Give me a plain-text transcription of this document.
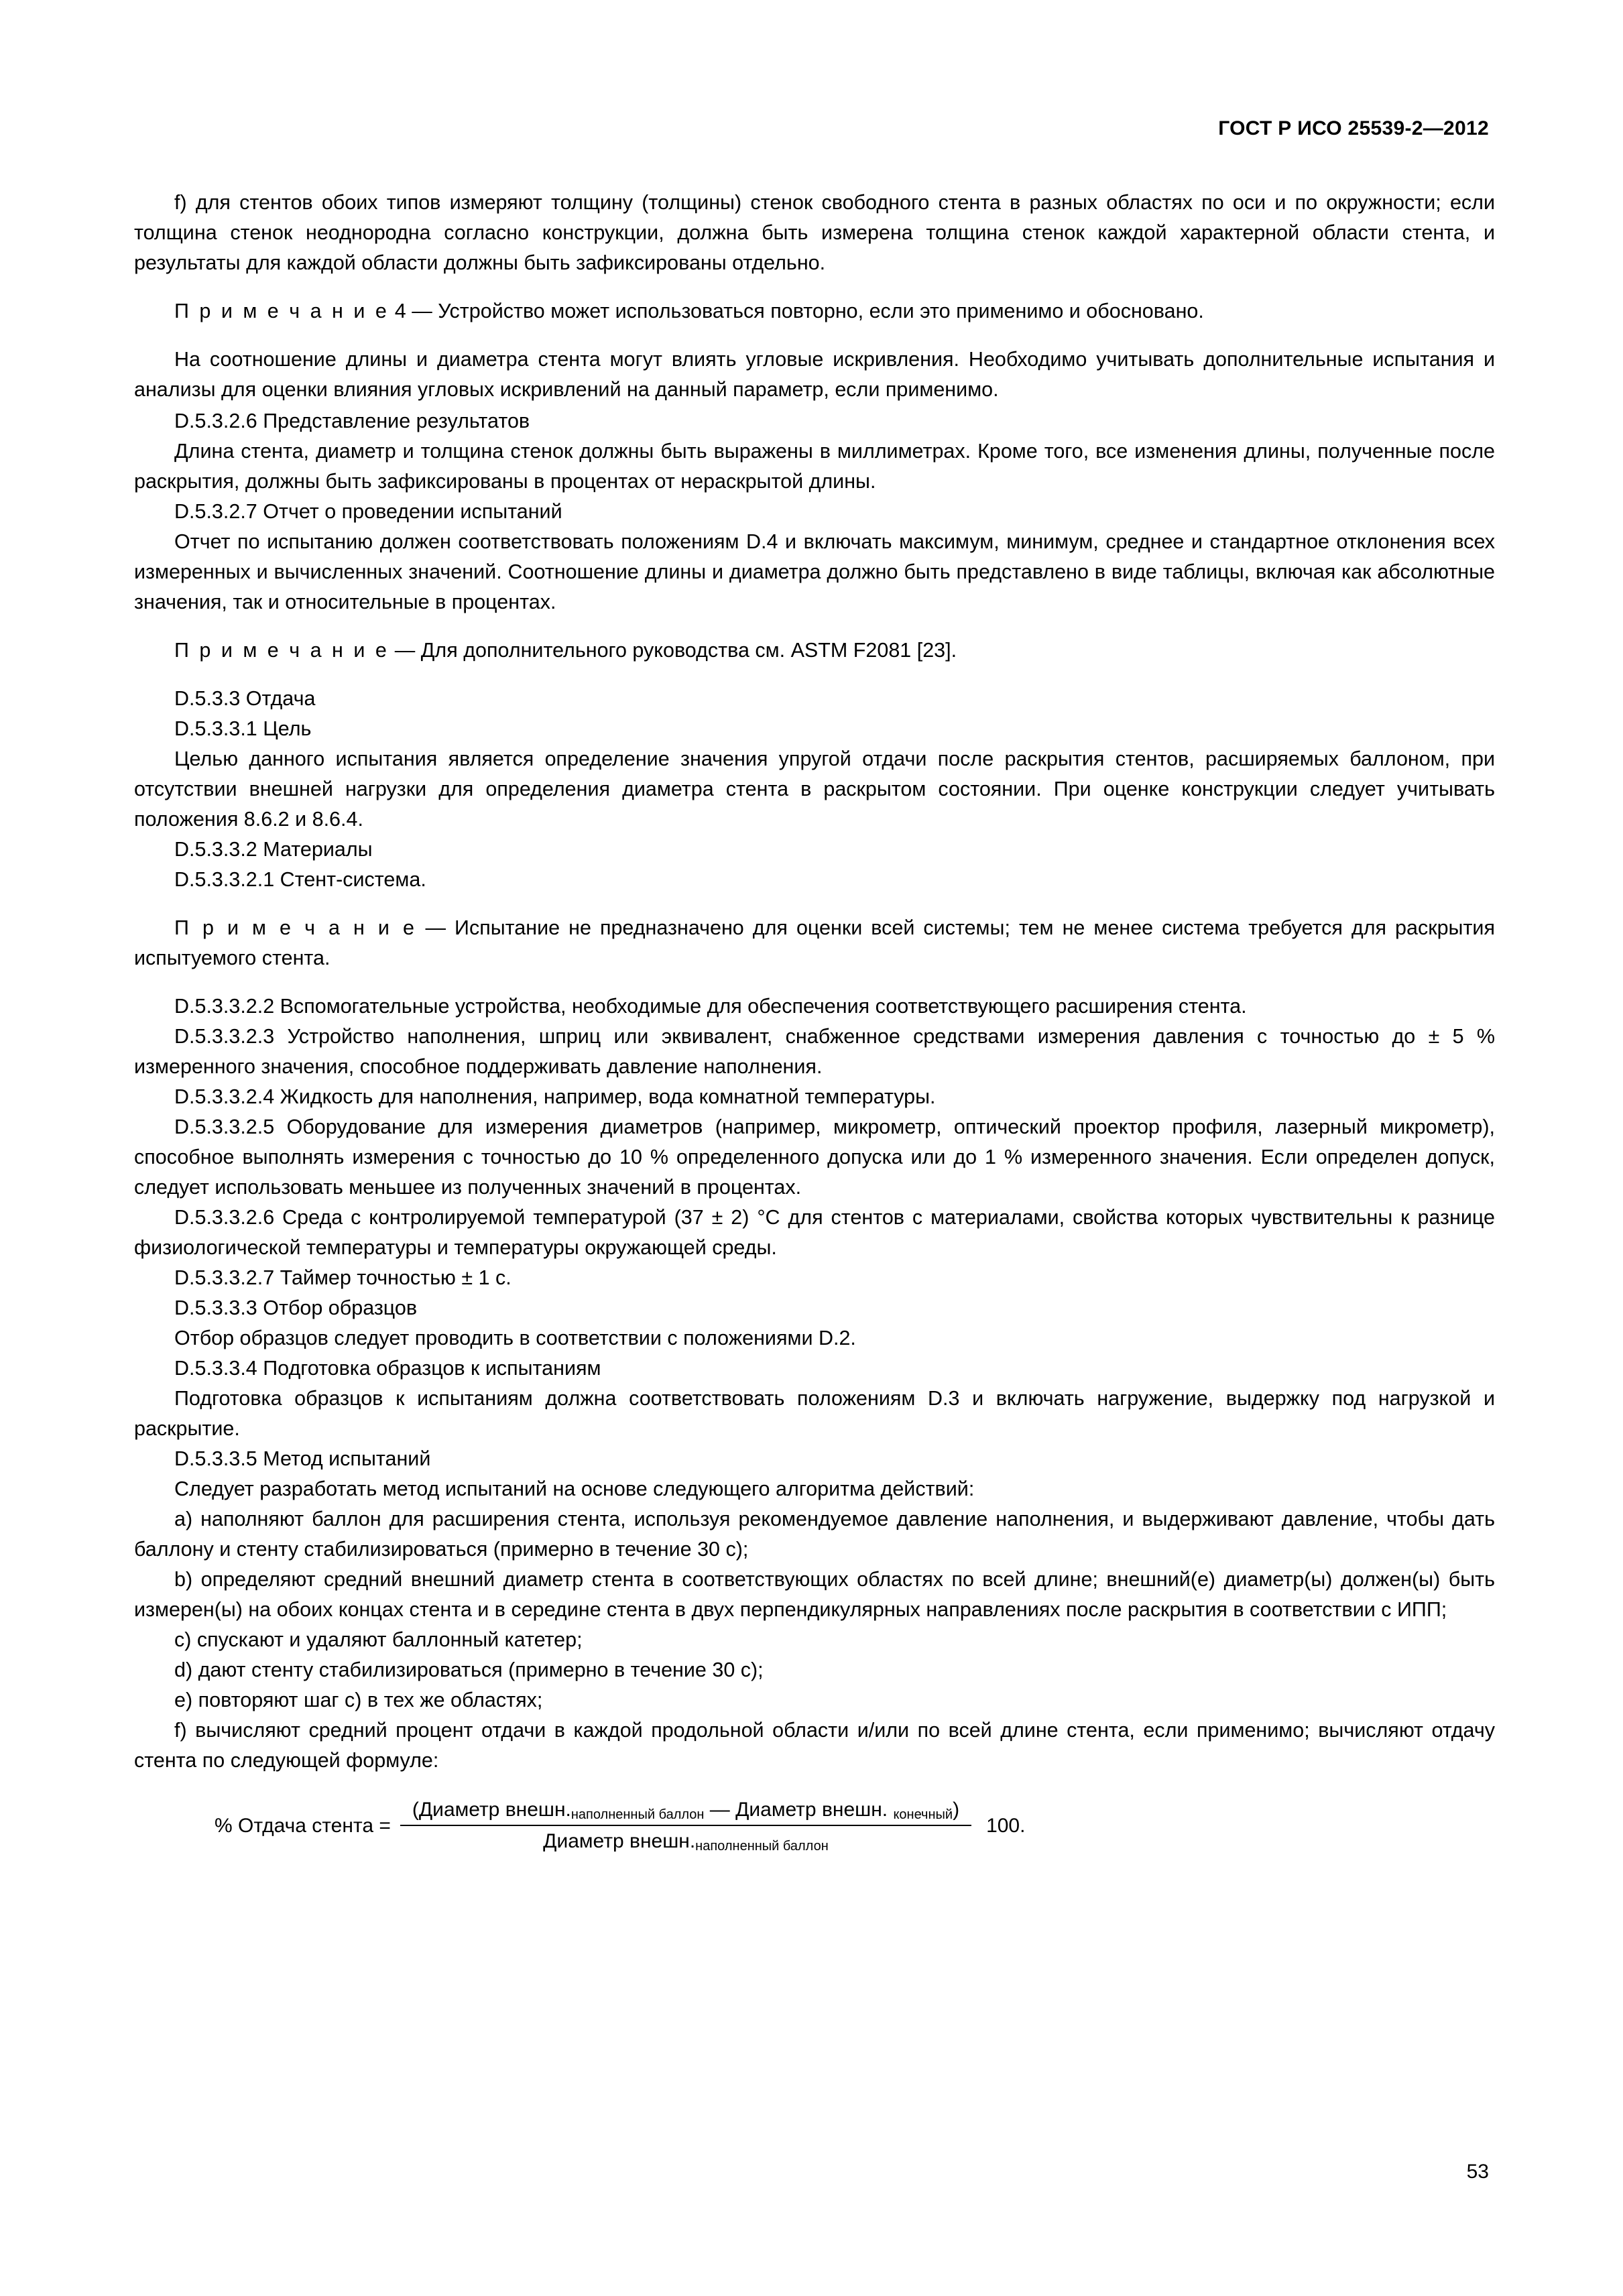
ГОСТ Р ИСО 25539-2—2012

f) для стентов обоих типов измеряют толщину (толщины) стенок свободного стента в разных областях по оси и по окружности; если толщина стенок неоднородна согласно конструкции, должна быть измерена толщина стенок каждой характерной области стента, и результаты для каждой области должны быть зафиксированы отдельно.

П р и м е ч а н и е 4 — Устройство может использоваться повторно, если это применимо и обосновано.

На соотношение длины и диаметра стента могут влиять угловые искривления. Необходимо учитывать дополнительные испытания и анализы для оценки влияния угловых искривлений на данный параметр, если применимо.

D.5.3.2.6 Представление результатов

Длина стента, диаметр и толщина стенок должны быть выражены в миллиметрах. Кроме того, все изменения длины, полученные после раскрытия, должны быть зафиксированы в процентах от нераскрытой длины.

D.5.3.2.7 Отчет о проведении испытаний

Отчет по испытанию должен соответствовать положениям D.4 и включать максимум, минимум, среднее и стандартное отклонения всех измеренных и вычисленных значений. Соотношение длины и диаметра должно быть представлено в виде таблицы, включая как абсолютные значения, так и относительные в процентах.

П р и м е ч а н и е — Для дополнительного руководства см. ASTM F2081 [23].

D.5.3.3 Отдача

D.5.3.3.1 Цель

Целью данного испытания является определение значения упругой отдачи после раскрытия стентов, расширяемых баллоном, при отсутствии внешней нагрузки для определения диаметра стента в раскрытом состоянии. При оценке конструкции следует учитывать положения 8.6.2 и 8.6.4.

D.5.3.3.2 Материалы

D.5.3.3.2.1 Стент-система.

П р и м е ч а н и е — Испытание не предназначено для оценки всей системы; тем не менее система требуется для раскрытия испытуемого стента.

D.5.3.3.2.2 Вспомогательные устройства, необходимые для обеспечения соответствующего расширения стента.

D.5.3.3.2.3 Устройство наполнения, шприц или эквивалент, снабженное средствами измерения давления с точностью до ± 5 % измеренного значения, способное поддерживать давление наполнения.

D.5.3.3.2.4 Жидкость для наполнения, например, вода комнатной температуры.

D.5.3.3.2.5 Оборудование для измерения диаметров (например, микрометр, оптический проектор профиля, лазерный микрометр), способное выполнять измерения с точностью до 10 % определенного допуска или до 1 % измеренного значения. Если определен допуск, следует использовать меньшее из полученных значений в процентах.

D.5.3.3.2.6 Среда с контролируемой температурой (37 ± 2) °C для стентов с материалами, свойства которых чувствительны к разнице физиологической температуры и температуры окружающей среды.

D.5.3.3.2.7 Таймер точностью ± 1 с.

D.5.3.3.3 Отбор образцов

Отбор образцов следует проводить в соответствии с положениями D.2.

D.5.3.3.4 Подготовка образцов к испытаниям

Подготовка образцов к испытаниям должна соответствовать положениям D.3 и включать нагружение, выдержку под нагрузкой и раскрытие.

D.5.3.3.5 Метод испытаний

Следует разработать метод испытаний на основе следующего алгоритма действий:

a) наполняют баллон для расширения стента, используя рекомендуемое давление наполнения, и выдерживают давление, чтобы дать баллону и стенту стабилизироваться (примерно в течение 30 с);

b) определяют средний внешний диаметр стента в соответствующих областях по всей длине; внешний(е) диаметр(ы) должен(ы) быть измерен(ы) на обоих концах стента и в середине стента в двух перпендикулярных направлениях после раскрытия в соответствии с ИПП;

c) спускают и удаляют баллонный катетер;

d) дают стенту стабилизироваться (примерно в течение 30 с);

e) повторяют шаг c) в тех же областях;

f) вычисляют средний процент отдачи в каждой продольной области и/или по всей длине стента, если применимо; вычисляют отдачу стента по следующей формуле:

% Отдача стента = $\frac{\text{(Диаметр внешн.наполненный баллон — Диаметр внешн. конечный)}}{\text{Диаметр внешн.наполненный баллон}} 100$.
53
